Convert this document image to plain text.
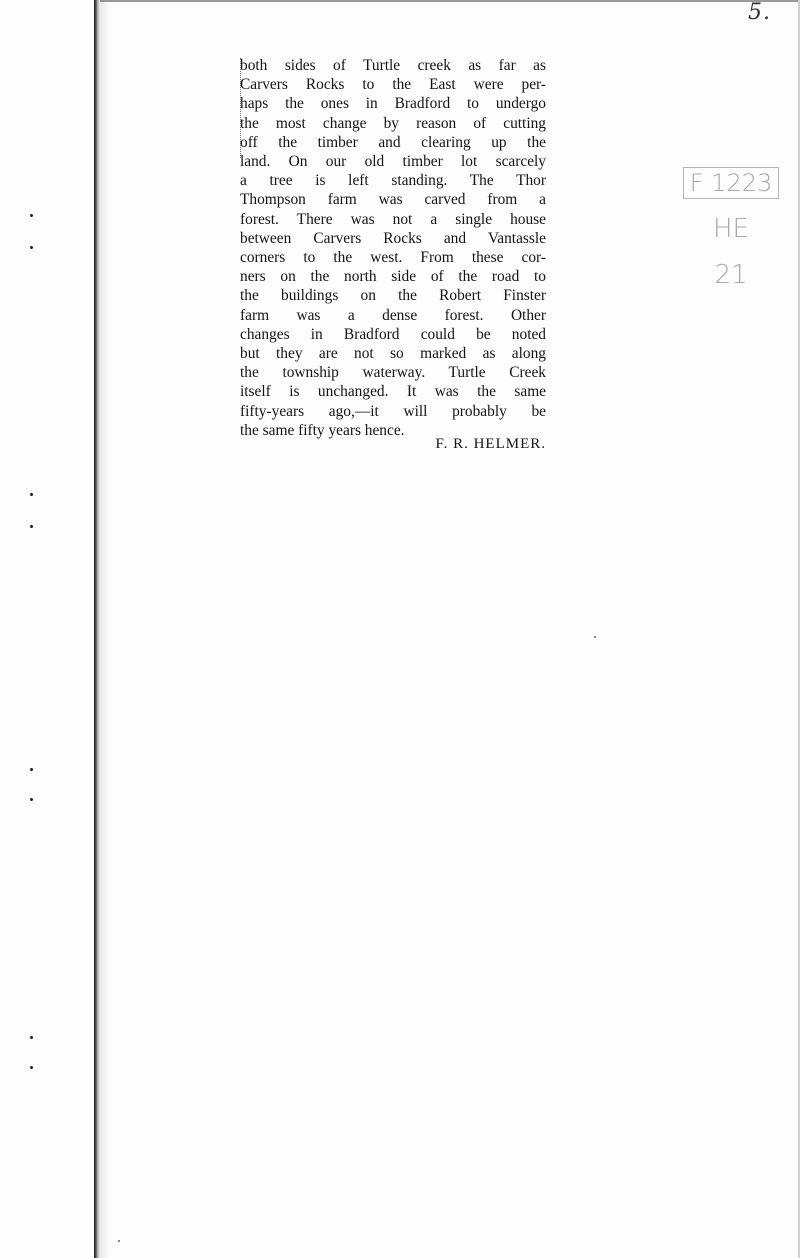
5.
F 1223
HE
21
both sides of Turtle creek as far as
Carvers Rocks to the East were per-
haps the ones in Bradford to undergo
the most change by reason of cutting
off the timber and clearing up the
land. On our old timber lot scarcely
a tree is left standing. The Thor
Thompson farm was carved from a
forest. There was not a single house
between Carvers Rocks and Vantassle
corners to the west. From these cor-
ners on the north side of the road to
the buildings on the Robert Finster
farm was a dense forest. Other
changes in Bradford could be noted
but they are not so marked as along
the township waterway. Turtle Creek
itself is unchanged. It was the same
fifty-years ago,—it will probably be
the same fifty years hence.
F. R. HELMER.
